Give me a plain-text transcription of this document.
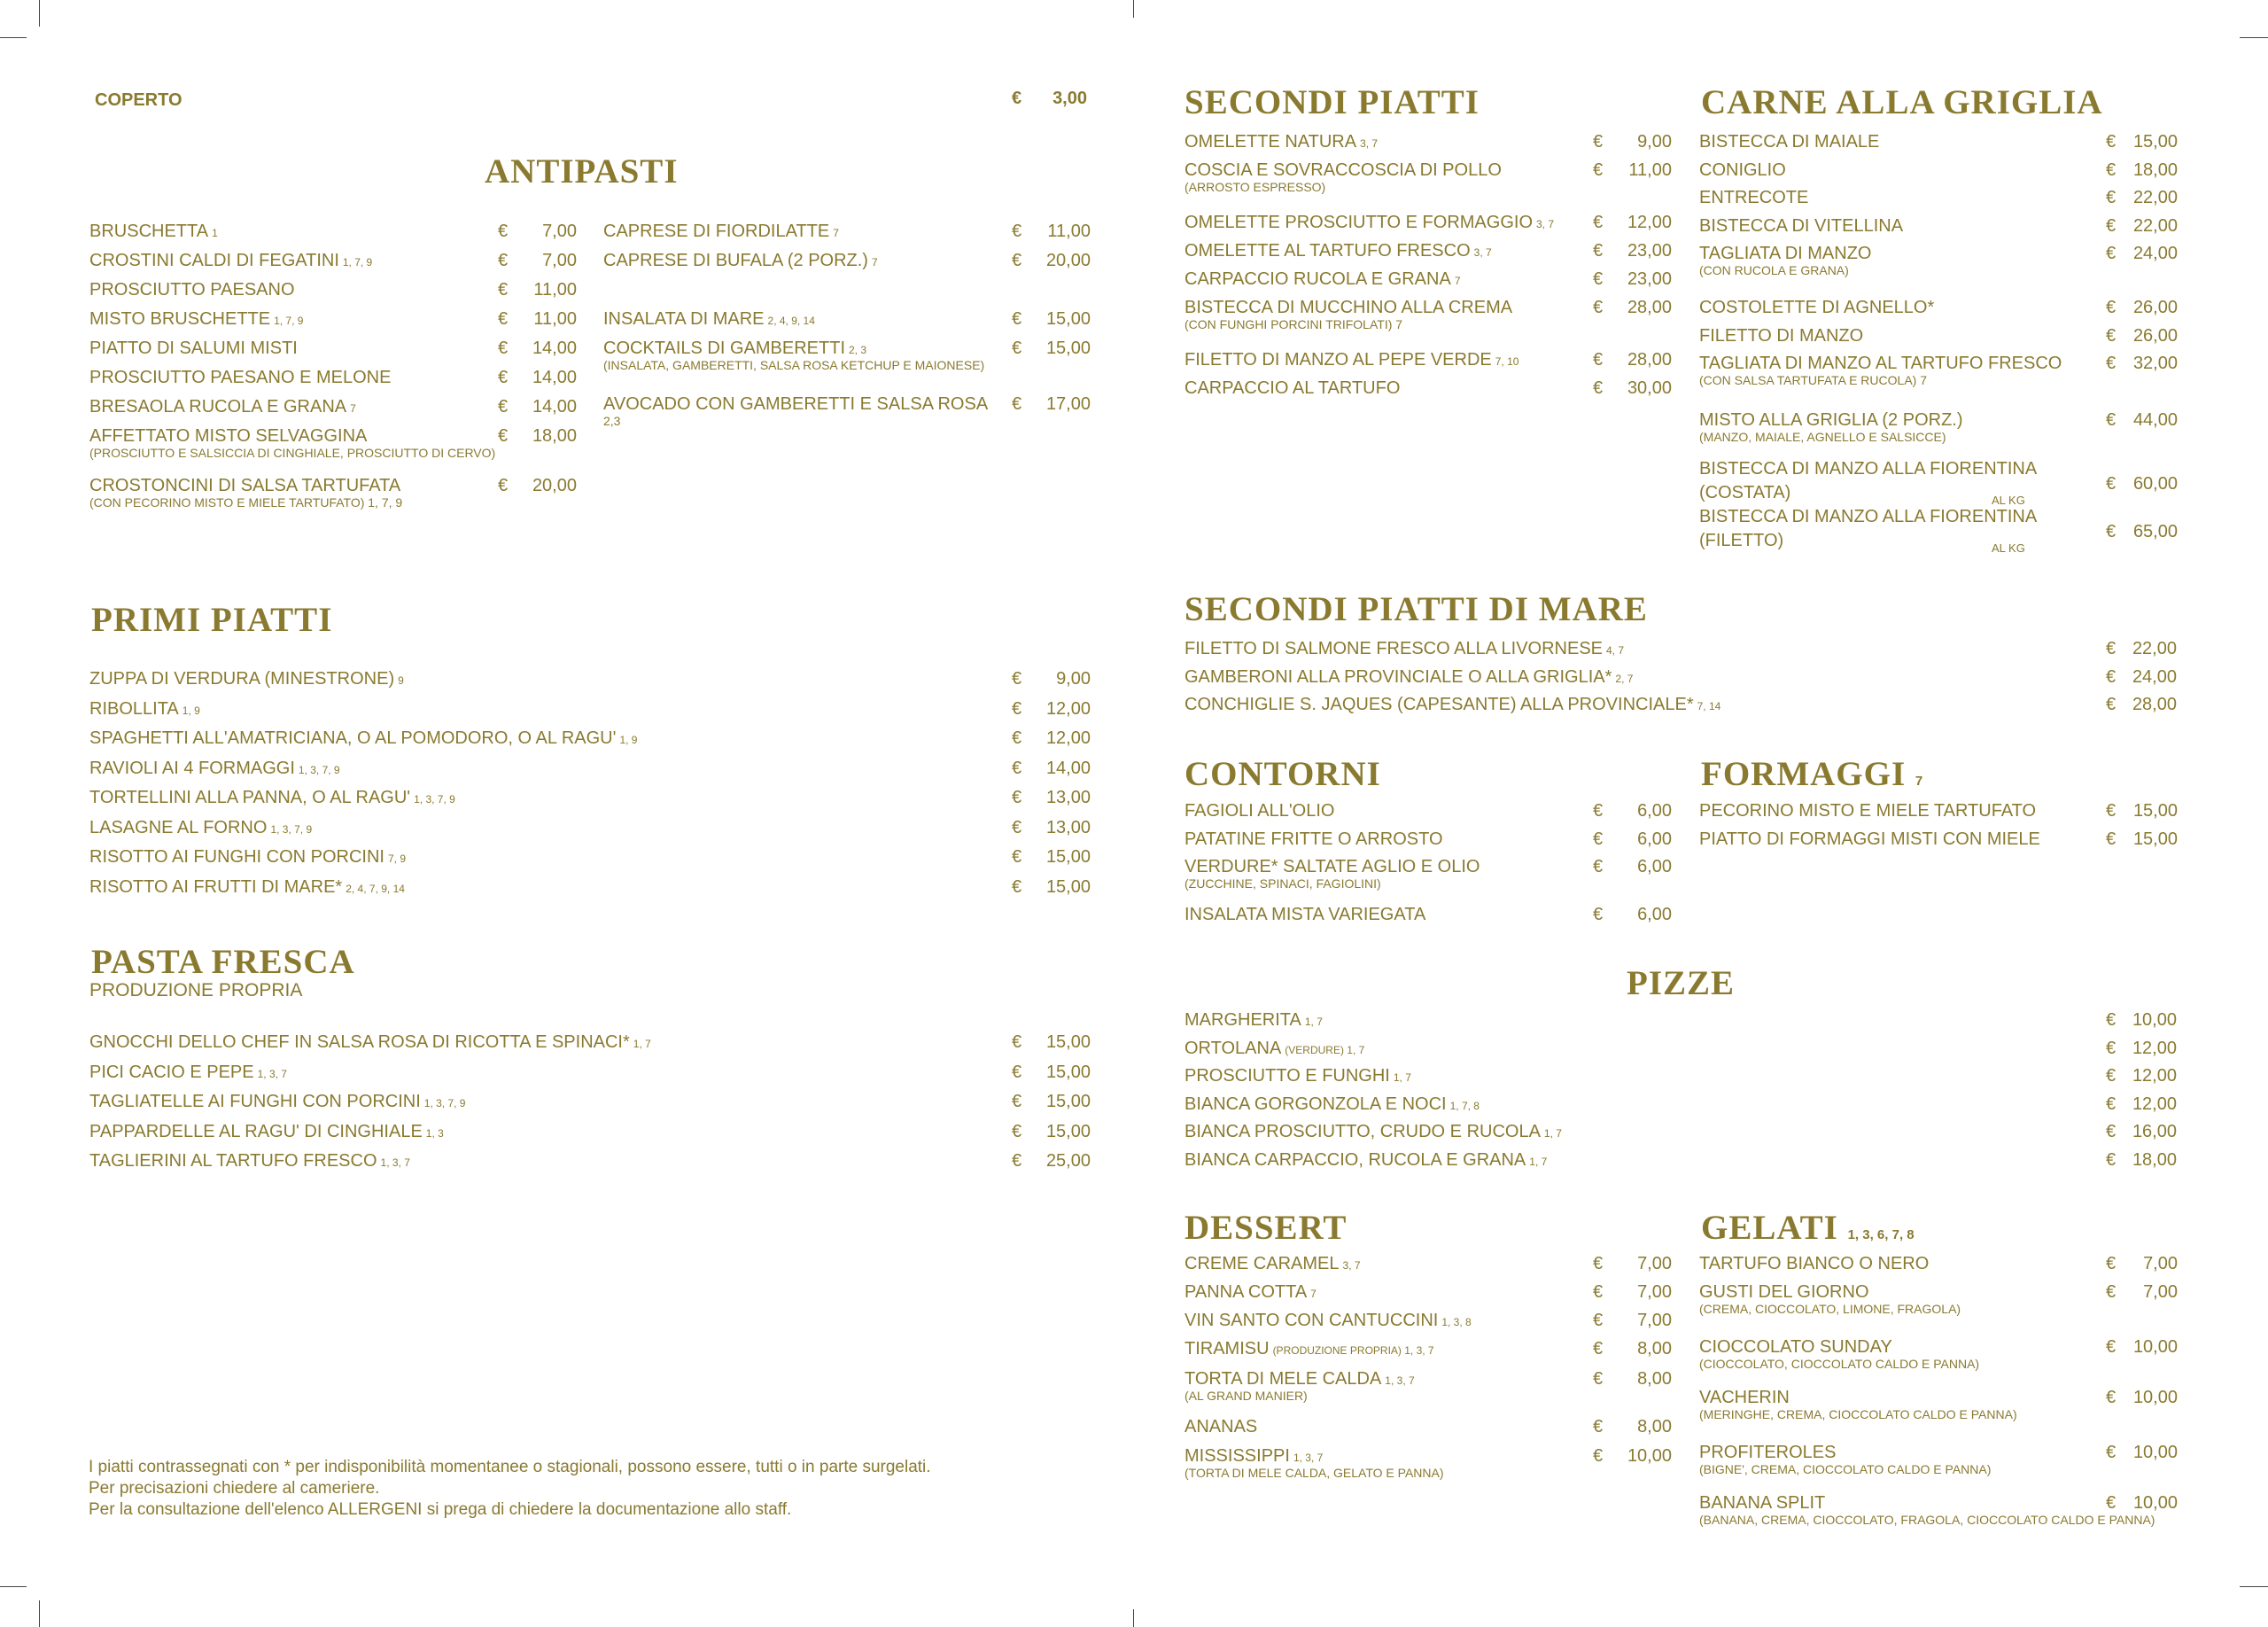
COPERTO	€	3,00
ANTIPASTI
PRIMI PIATTI
PASTA FRESCA
PRODUZIONE PROPRIA
SECONDI PIATTI	CARNE ALLA GRIGLIA
SECONDI PIATTI DI MARE
CONTORNI	FORMAGGI 7
PIZZE
DESSERT	GELATI 1, 3, 6, 7, 8
BRUSCHETTA 1	€	7,00
CROSTINI CALDI DI FEGATINI 1, 7, 9	€	7,00
PROSCIUTTO PAESANO	€	11,00
MISTO BRUSCHETTE 1, 7, 9	€	11,00
PIATTO DI SALUMI MISTI	€	14,00
PROSCIUTTO PAESANO E MELONE	€	14,00
BRESAOLA RUCOLA E GRANA 7	€	14,00
AFFETTATO MISTO SELVAGGINA
(PROSCIUTTO E SALSICCIA DI CINGHIALE, PROSCIUTTO DI CERVO)
€	18,00
CROSTONCINI DI SALSA TARTUFATA
(CON PECORINO MISTO E MIELE TARTUFATO) 1, 7, 9
€	20,00
CAPRESE DI FIORDILATTE 7	€	11,00
CAPRESE DI BUFALA (2 PORZ.) 7	€	20,00
INSALATA DI MARE 2, 4, 9, 14	€	15,00
COCKTAILS DI GAMBERETTI 2, 3
(INSALATA, GAMBERETTI, SALSA ROSA KETCHUP E MAIONESE)
€	15,00
AVOCADO CON GAMBERETTI E SALSA ROSA
2,3
€	17,00
ZUPPA DI VERDURA (MINESTRONE) 9	€	9,00
RIBOLLITA 1, 9	€	12,00
SPAGHETTI ALL'AMATRICIANA, O AL POMODORO, O AL RAGU' 1, 9	€	12,00
RAVIOLI AI 4 FORMAGGI 1, 3, 7, 9	€	14,00
TORTELLINI ALLA PANNA, O AL RAGU' 1, 3, 7, 9	€	13,00
LASAGNE AL FORNO 1, 3, 7, 9	€	13,00
RISOTTO AI FUNGHI CON PORCINI 7, 9	€	15,00
RISOTTO AI FRUTTI DI MARE* 2, 4, 7, 9, 14	€	15,00
GNOCCHI DELLO CHEF IN SALSA ROSA DI RICOTTA E SPINACI* 1, 7	€	15,00
PICI CACIO E PEPE 1, 3, 7	€	15,00
TAGLIATELLE AI FUNGHI CON PORCINI 1, 3, 7, 9	€	15,00
PAPPARDELLE AL RAGU' DI CINGHIALE 1, 3	€	15,00
TAGLIERINI AL TARTUFO FRESCO 1, 3, 7	€	25,00
OMELETTE NATURA 3, 7	€	9,00
COSCIA E SOVRACCOSCIA DI POLLO
(ARROSTO ESPRESSO)
€	11,00
OMELETTE PROSCIUTTO E FORMAGGIO 3, 7 €	12,00
OMELETTE AL TARTUFO FRESCO 3, 7	€	23,00
CARPACCIO RUCOLA E GRANA 7	€	23,00
BISTECCA DI MUCCHINO ALLA CREMA
(CON FUNGHI PORCINI TRIFOLATI) 7
€	28,00
FILETTO DI MANZO AL PEPE VERDE 7, 10	€	28,00
CARPACCIO AL TARTUFO	€	30,00
BISTECCA DI MAIALE	€ 15,00
CONIGLIO	€ 18,00
ENTRECOTE	€ 22,00
BISTECCA DI VITELLINA	€ 22,00
TAGLIATA DI MANZO
(CON RUCOLA E GRANA)
€ 24,00
COSTOLETTE DI AGNELLO*	€ 26,00
FILETTO DI MANZO	€ 26,00
TAGLIATA DI MANZO AL TARTUFO FRESCO
(CON SALSA TARTUFATA E RUCOLA) 7
€ 32,00
MISTO ALLA GRIGLIA (2 PORZ.)
(MANZO, MAIALE, AGNELLO E SALSICCE)
€ 44,00
BISTECCA DI MANZO ALLA FIORENTINA (COSTATA)	AL KG
€ 60,00
BISTECCA DI MANZO ALLA FIORENTINA (FILETTO)	AL KG
€ 65,00
FILETTO DI SALMONE FRESCO ALLA LIVORNESE 4, 7	€ 22,00
GAMBERONI ALLA PROVINCIALE O ALLA GRIGLIA* 2, 7	€ 24,00
CONCHIGLIE S. JAQUES (CAPESANTE) ALLA PROVINCIALE* 7, 14	€ 28,00
FAGIOLI ALL'OLIO	€	6,00
PATATINE FRITTE O ARROSTO	€	6,00
VERDURE* SALTATE AGLIO E OLIO
(ZUCCHINE, SPINACI, FAGIOLINI)
€	6,00
INSALATA MISTA VARIEGATA	€	6,00
PECORINO MISTO E MIELE TARTUFATO	€ 15,00
PIATTO DI FORMAGGI MISTI CON MIELE	€ 15,00
MARGHERITA 1, 7	€ 10,00
ORTOLANA (VERDURE) 1, 7	€ 12,00
PROSCIUTTO E FUNGHI 1, 7	€ 12,00
BIANCA GORGONZOLA E NOCI 1, 7, 8	€ 12,00
BIANCA PROSCIUTTO, CRUDO E RUCOLA 1, 7	€ 16,00
BIANCA CARPACCIO, RUCOLA E GRANA 1, 7	€ 18,00
CREME CARAMEL 3, 7	€	7,00
PANNA COTTA 7	€	7,00
VIN SANTO CON CANTUCCINI 1, 3, 8	€	7,00
TIRAMISU (PRODUZIONE PROPRIA) 1, 3, 7	€	8,00
TORTA DI MELE CALDA 1, 3, 7
(AL GRAND MANIER)
€	8,00
ANANAS	€	8,00
MISSISSIPPI 1, 3, 7
(TORTA DI MELE CALDA, GELATO E PANNA)
€	10,00
TARTUFO BIANCO O NERO	€	7,00
GUSTI DEL GIORNO
(CREMA, CIOCCOLATO, LIMONE, FRAGOLA)
€	7,00
CIOCCOLATO SUNDAY
(CIOCCOLATO, CIOCCOLATO CALDO E PANNA)
€ 10,00
VACHERIN
(MERINGHE, CREMA, CIOCCOLATO CALDO E PANNA)
€ 10,00
PROFITEROLES
(BIGNE', CREMA, CIOCCOLATO CALDO E PANNA)
€ 10,00
BANANA SPLIT
(BANANA, CREMA, CIOCCOLATO, FRAGOLA, CIOCCOLATO CALDO E PANNA)
€ 10,00
I piatti contrassegnati con * per indisponibilità momentanee o stagionali, possono essere, tutti o in parte surgelati.
Per precisazioni chiedere al cameriere.
Per la consultazione dell'elenco ALLERGENI si prega di chiedere la documentazione allo staff.
